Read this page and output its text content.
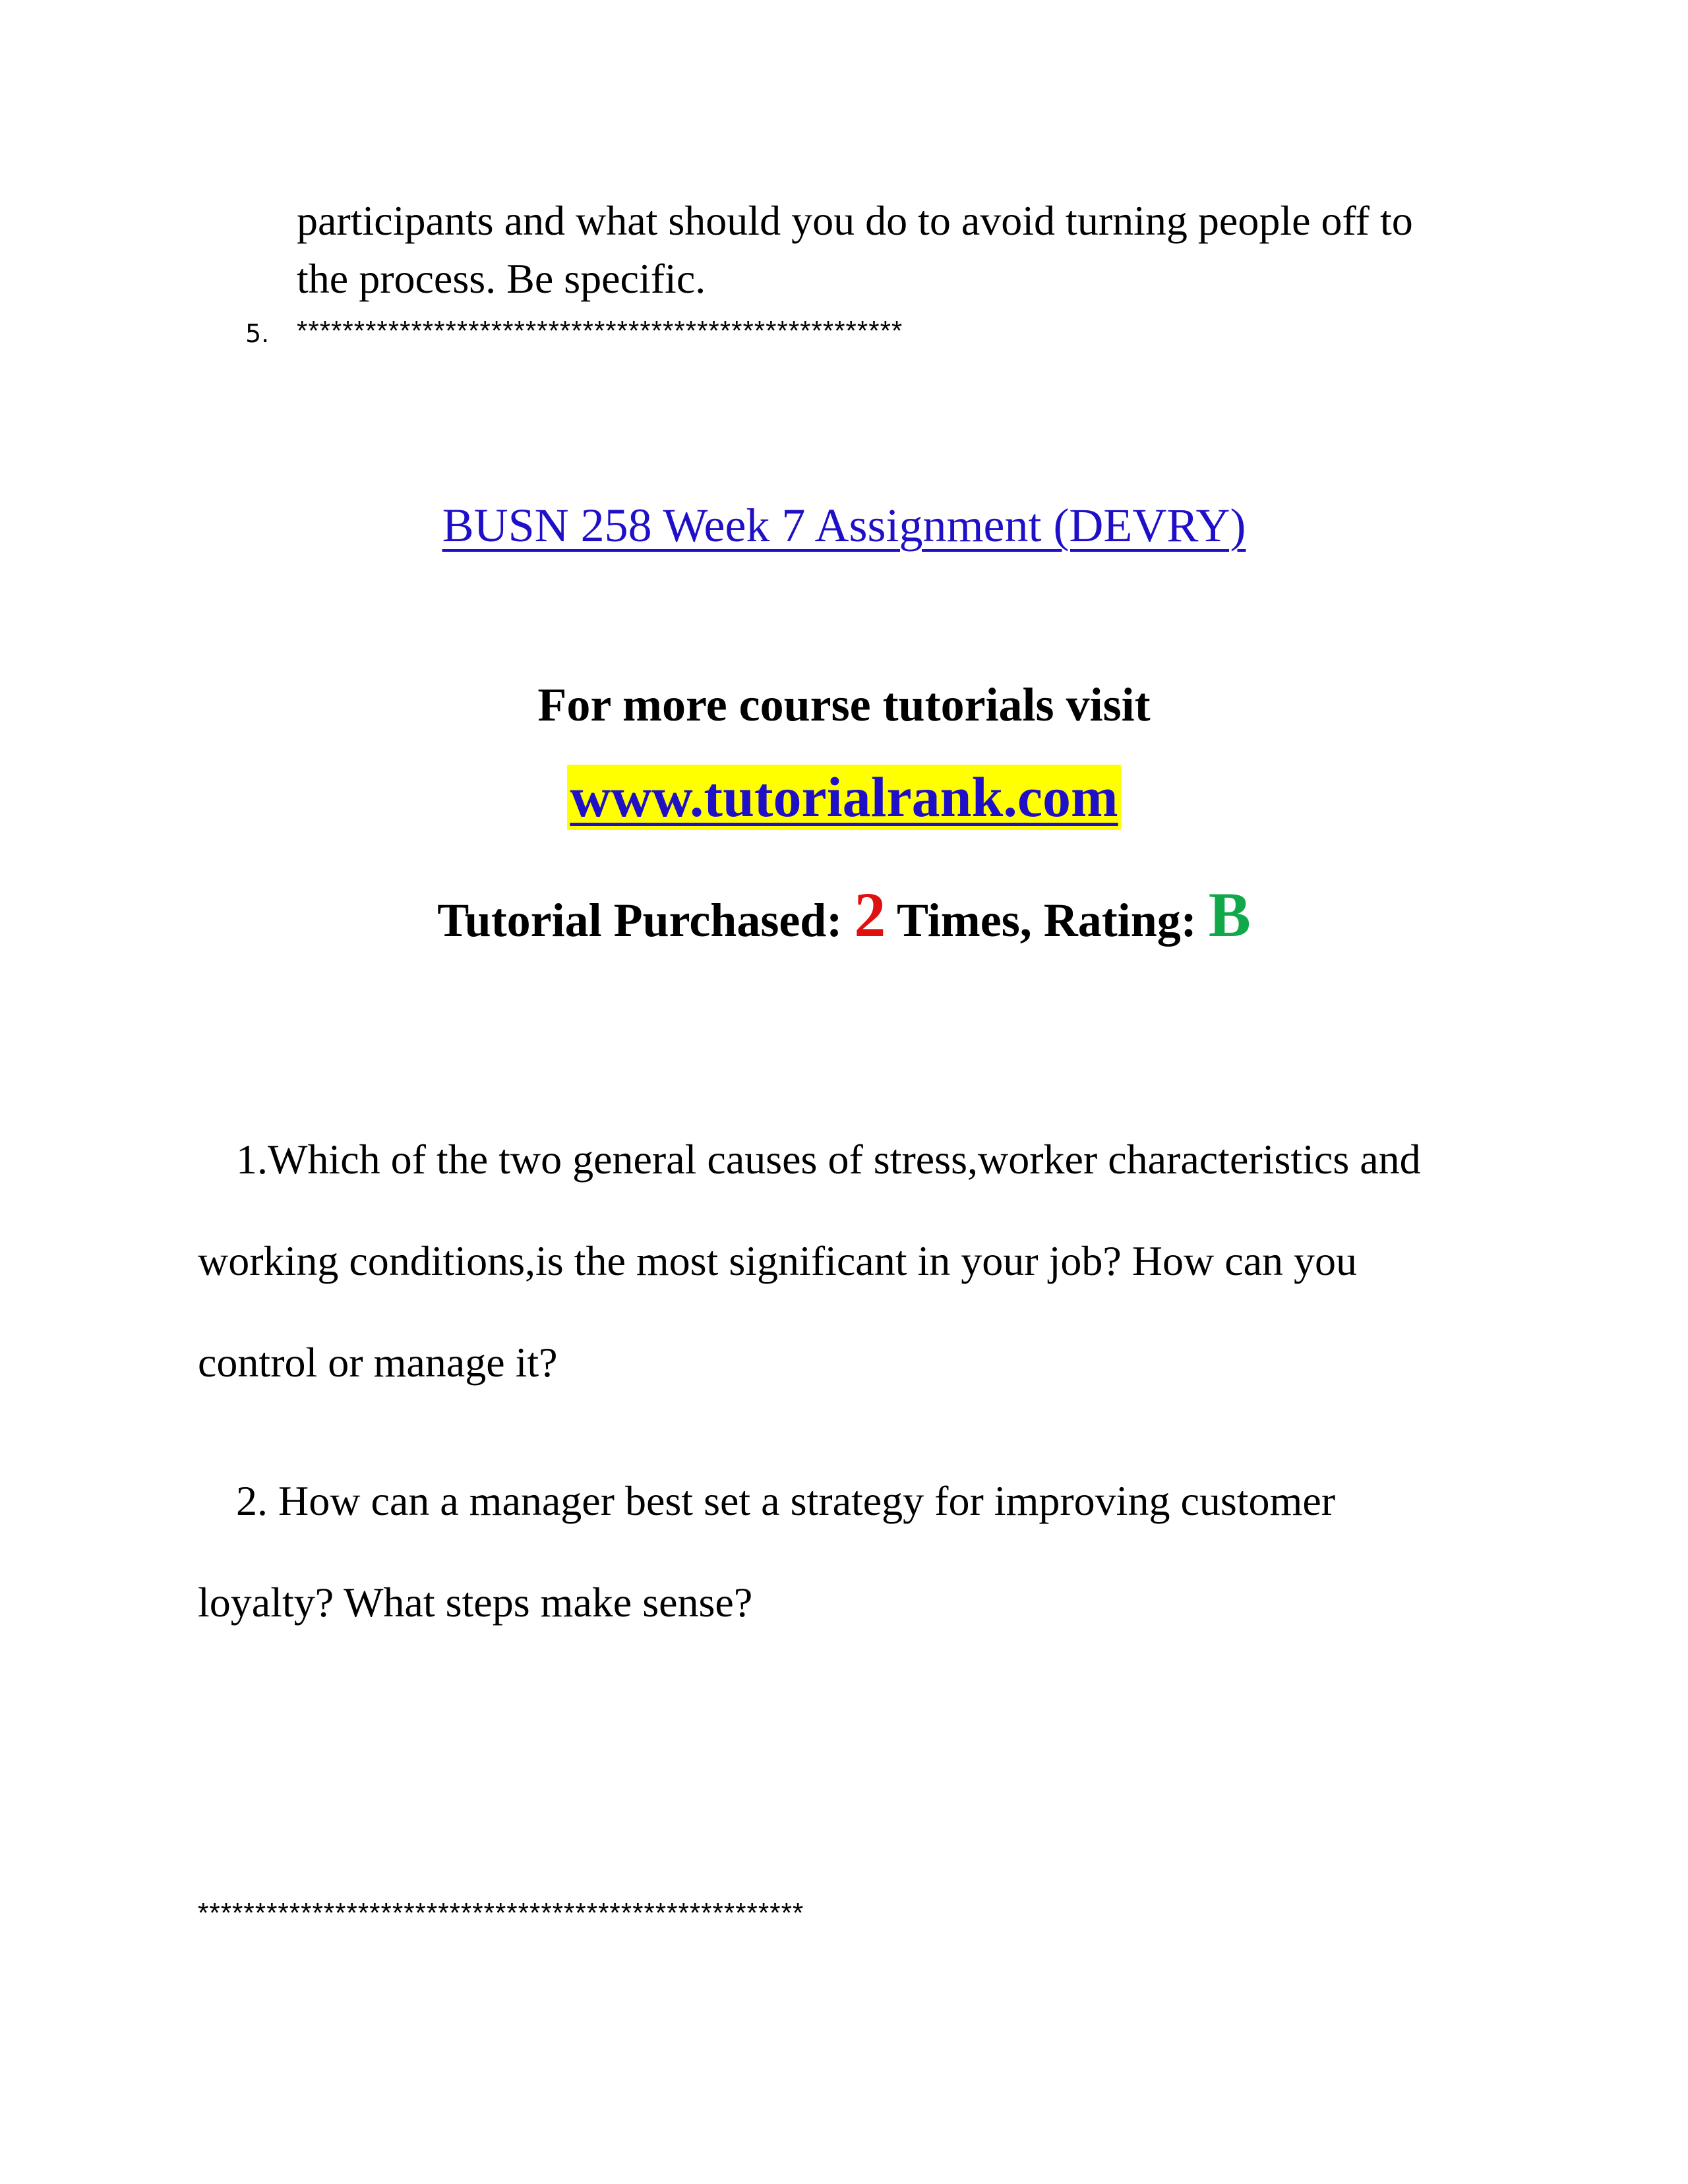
participants and what should you do to avoid turning people off to
the process. Be specific.
5. *****************************************************
BUSN 258 Week 7 Assignment (DEVRY)
For more course tutorials visit
www.tutorialrank.com
Tutorial Purchased: 2 Times, Rating: B
1.Which of the two general causes of stress,worker characteristics and
working conditions,is the most significant in your job? How can you
control or manage it?
2. How can a manager best set a strategy for improving customer
loyalty? What steps make sense?
*****************************************************
